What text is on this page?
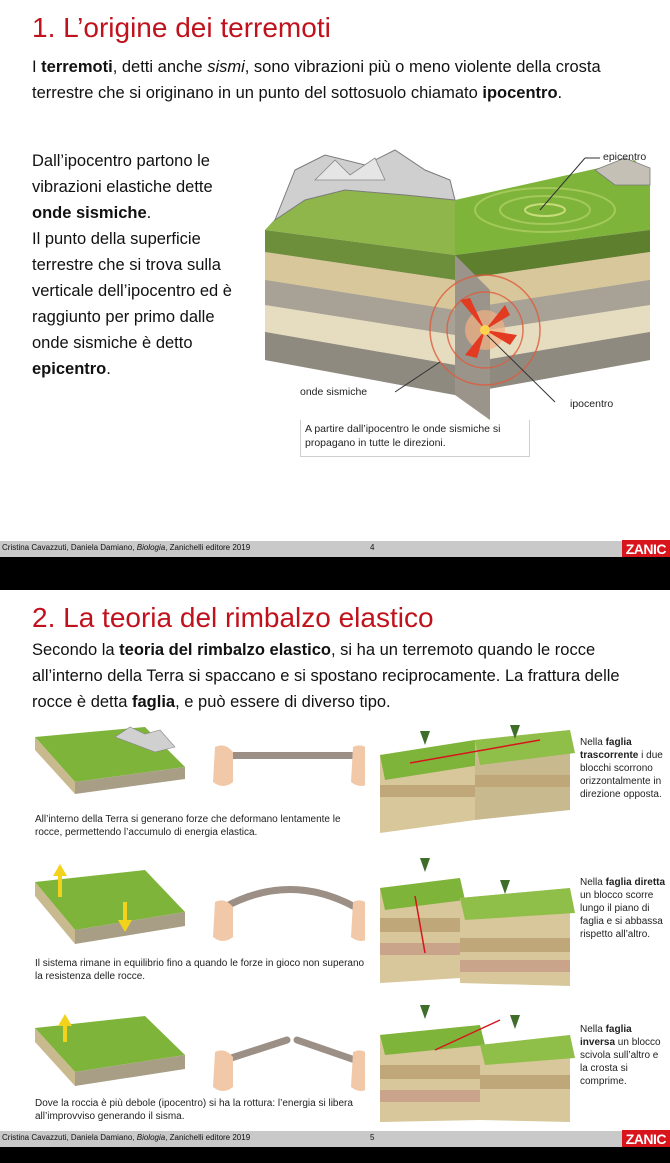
1. L’origine dei terremoti
I terremoti, detti anche sismi, sono vibrazioni più o meno violente della crosta terrestre che si originano in un punto del sottosuolo chiamato ipocentro.
Dall’ipocentro partono le vibrazioni elastiche dette onde sismiche.
Il punto della superficie terrestre che si trova sulla verticale dell’ipocentro ed è raggiunto per primo dalle onde sismiche è detto epicentro.
epicentro
onde sismiche
ipocentro
A partire dall’ipocentro le onde sismiche si propagano in tutte le direzioni.
Cristina Cavazzuti, Daniela Damiano, Biologia, Zanichelli editore 2019	4	ZANIC
2. La teoria del rimbalzo elastico
Secondo la teoria del rimbalzo elastico, si ha un terremoto quando le rocce all’interno della Terra si spaccano e si spostano reciprocamente. La frattura delle rocce è detta faglia, e può essere di diverso tipo.
All’interno della Terra si generano forze che deformano lentamente le rocce, permettendo l’accumulo di energia elastica.
Il sistema rimane in equilibrio fino a quando le forze in gioco non superano la resistenza delle rocce.
Dove la roccia è più debole (ipocentro) si ha la rottura: l’energia si libera all’improvviso generando il sisma.
Nella faglia trascorrente i due blocchi scorrono orizzontalmente in direzione opposta.
Nella faglia diretta un blocco scorre lungo il piano di faglia e si abbassa rispetto all’altro.
Nella faglia inversa un blocco scivola sull’altro e la crosta si comprime.
Cristina Cavazzuti, Daniela Damiano, Biologia, Zanichelli editore 2019	5	ZANIC
